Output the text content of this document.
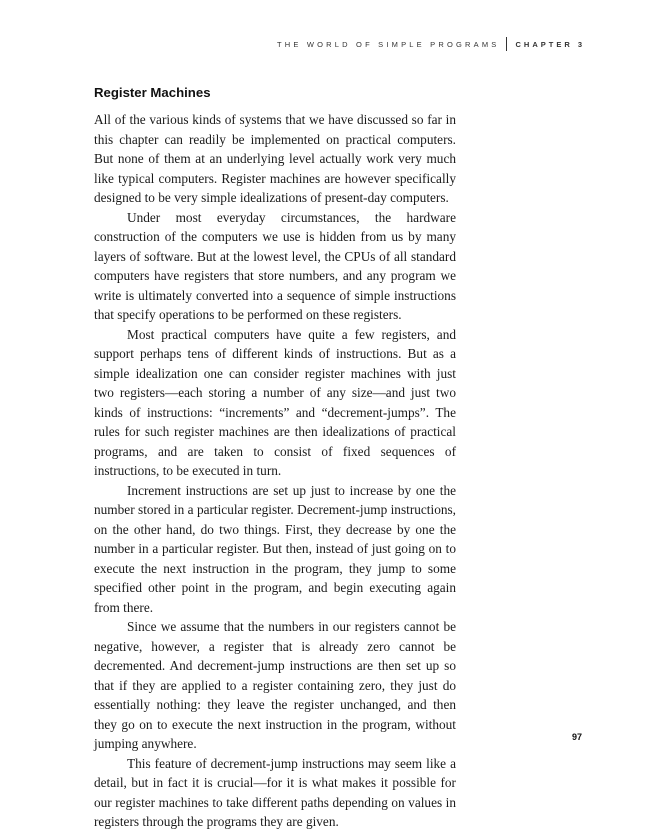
THE WORLD OF SIMPLE PROGRAMS CHAPTER 3
Register Machines

All of the various kinds of systems that we have discussed so far in this chapter can readily be implemented on practical computers. But none of them at an underlying level actually work very much like typical computers. Register machines are however specifically designed to be very simple idealizations of present-day computers.

Under most everyday circumstances, the hardware construction of the computers we use is hidden from us by many layers of software. But at the lowest level, the CPUs of all standard computers have registers that store numbers, and any program we write is ultimately converted into a sequence of simple instructions that specify operations to be performed on these registers.

Most practical computers have quite a few registers, and support perhaps tens of different kinds of instructions. But as a simple idealization one can consider register machines with just two registers—each storing a number of any size—and just two kinds of instructions: “increments” and “decrement-jumps”. The rules for such register machines are then idealizations of practical programs, and are taken to consist of fixed sequences of instructions, to be executed in turn.

Increment instructions are set up just to increase by one the number stored in a particular register. Decrement-jump instructions, on the other hand, do two things. First, they decrease by one the number in a particular register. But then, instead of just going on to execute the next instruction in the program, they jump to some specified other point in the program, and begin executing again from there.

Since we assume that the numbers in our registers cannot be negative, however, a register that is already zero cannot be decremented. And decrement-jump instructions are then set up so that if they are applied to a register containing zero, they just do essentially nothing: they leave the register unchanged, and then they go on to execute the next instruction in the program, without jumping anywhere.

This feature of decrement-jump instructions may seem like a detail, but in fact it is crucial—for it is what makes it possible for our register machines to take different paths depending on values in registers through the programs they are given.

97
